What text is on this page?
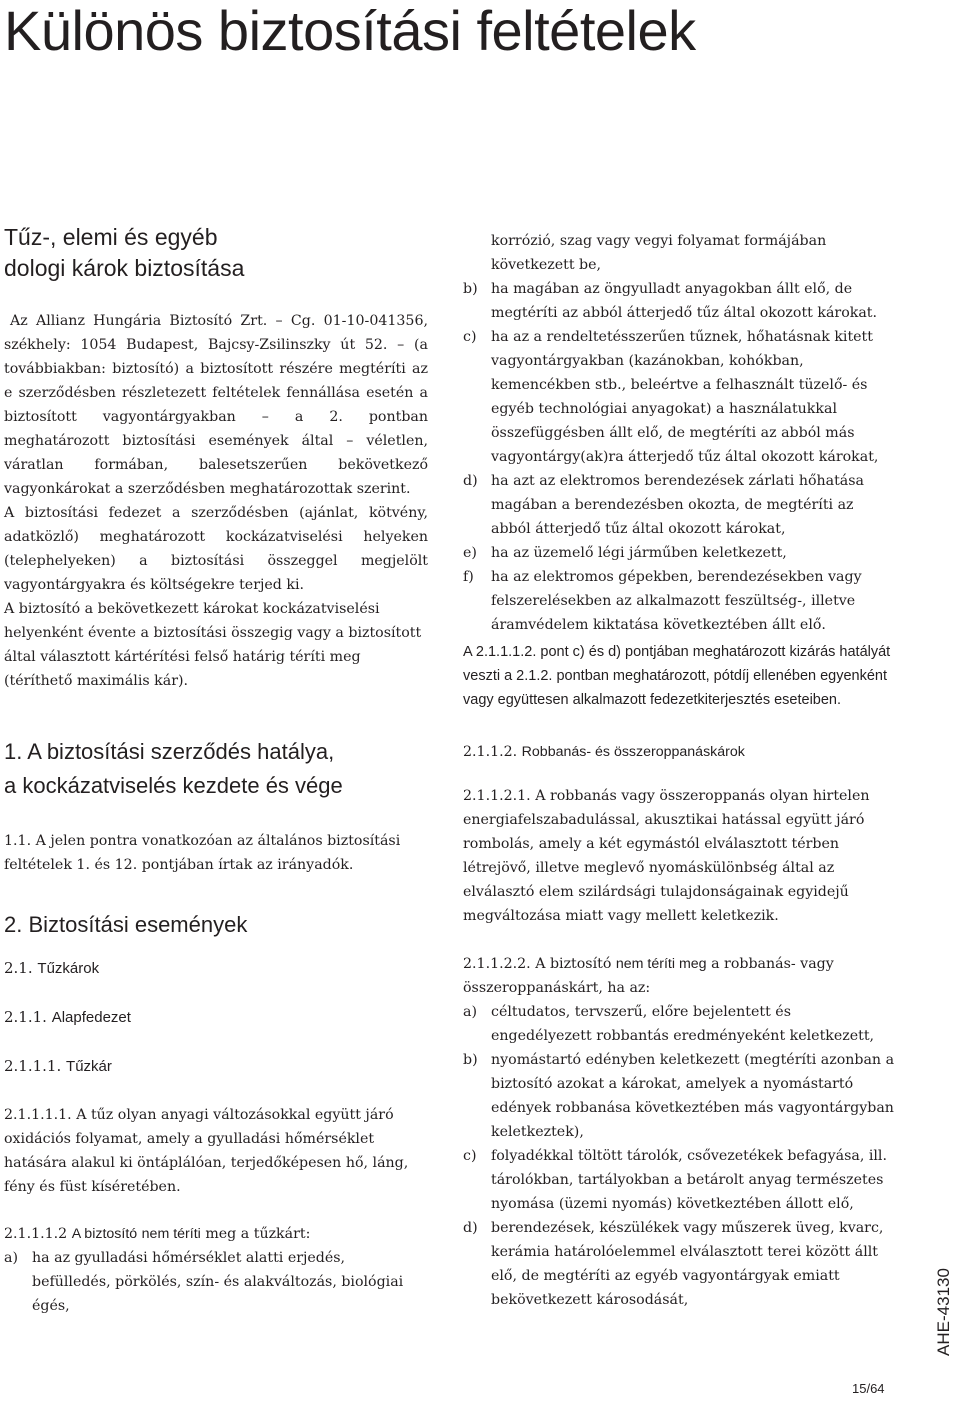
Különös biztosítási feltételek
Tűz-, elemi és egyéb
dologi károk biztosítása

Az Allianz Hungária Biztosító Zrt. – Cg. 01-10-041356, székhely: 1054 Budapest, Bajcsy-Zsilinszky út 52. – (a továbbiakban: biztosító) a biztosított részére megtéríti az e szerződésben részletezett feltételek fennállása esetén a biztosított vagyontárgyakban – a 2. pontban meghatározott biztosítási események által – véletlen, váratlan formában, balesetszerűen bekövetkező vagyonkárokat a szerződésben meghatározottak szerint.

A biztosítási fedezet a szerződésben (ajánlat, kötvény, adatközlő) meghatározott kockázatviselési helyeken (telephelyeken) a biztosítási összeggel megjelölt vagyontárgyakra és költségekre terjed ki.

A biztosító a bekövetkezett károkat kockázatviselési helyenként évente a biztosítási összegig vagy a biztosított által választott kártérítési felső határig téríti meg (téríthető maximális kár).

1. A biztosítási szerződés hatálya,
a kockázatviselés kezdete és vége

1.1. A jelen pontra vonatkozóan az általános biztosítási feltételek 1. és 12. pontjában írtak az irányadók.

2. Biztosítási események
2.1. Tűzkárok
2.1.1. Alapfedezet
2.1.1.1. Tűzkár

2.1.1.1.1. A tűz olyan anyagi változásokkal együtt járó oxidációs folyamat, amely a gyulladási hőmérséklet hatására alakul ki öntáplálóan, terjedőképesen hő, láng, fény és füst kíséretében.

2.1.1.1.2 A biztosító nem téríti meg a tűzkárt:

a) ha az gyulladási hőmérséklet alatti erjedés, befülledés, pörkölés, szín- és alakváltozás, biológiai égés,

korrózió, szag vagy vegyi folyamat formájában következett be,

b) ha magában az öngyulladt anyagokban állt elő, de megtéríti az abból átterjedő tűz által okozott károkat.
c) ha az a rendeltetésszerűen tűznek, hőhatásnak kitett vagyontárgyakban (kazánokban, kohókban, kemencékben stb., beleértve a felhasznált tüzelő- és egyéb technológiai anyagokat) a használatukkal összefüggésben állt elő, de megtéríti az abból más vagyontárgy(ak)ra átterjedő tűz által okozott károkat,
d) ha azt az elektromos berendezések zárlati hőhatása magában a berendezésben okozta, de megtéríti az abból átterjedő tűz által okozott károkat,
e) ha az üzemelő légi járműben keletkezett,
f) ha az elektromos gépekben, berendezésekben vagy felszerelésekben az alkalmazott feszültség-, illetve áramvédelem kiktatása következtében állt elő.
A 2.1.1.1.2. pont c) és d) pontjában meghatározott kizárás hatályát veszti a 2.1.2. pontban meghatározott, pótdíj ellenében egyenként vagy együttesen alkalmazott fedezetkiterjesztés eseteiben.
2.1.1.2. Robbanás- és összeroppanáskárok

2.1.1.2.1. A robbanás vagy összeroppanás olyan hirtelen energiafelszabadulással, akusztikai hatással együtt járó rombolás, amely a két egymástól elválasztott térben létrejövő, illetve meglevő nyomáskülönbség által az elválasztó elem szilárdsági tulajdonságainak egyidejű megváltozása miatt vagy mellett keletkezik.

2.1.1.2.2. A biztosító nem téríti meg a robbanás- vagy összeroppanáskárt, ha az:

a) céltudatos, tervszerű, előre bejelentett és engedélyezett robbantás eredményeként keletkezett,
b) nyomástartó edényben keletkezett (megtéríti azonban a biztosító azokat a károkat, amelyek a nyomástartó edények robbanása következtében más vagyontárgyban keletkeztek),
c) folyadékkal töltött tárolók, csővezetékek befagyása, ill. tárolókban, tartályokban a betárolt anyag természetes nyomása (üzemi nyomás) következtében állott elő,
d) berendezések, készülékek vagy műszerek üveg, kvarc, kerámia határolóelemmel elválasztott terei között állt elő, de megtéríti az egyéb vagyontárgyak emiatt bekövetkezett károsodását,	AHE-43130
15/64
